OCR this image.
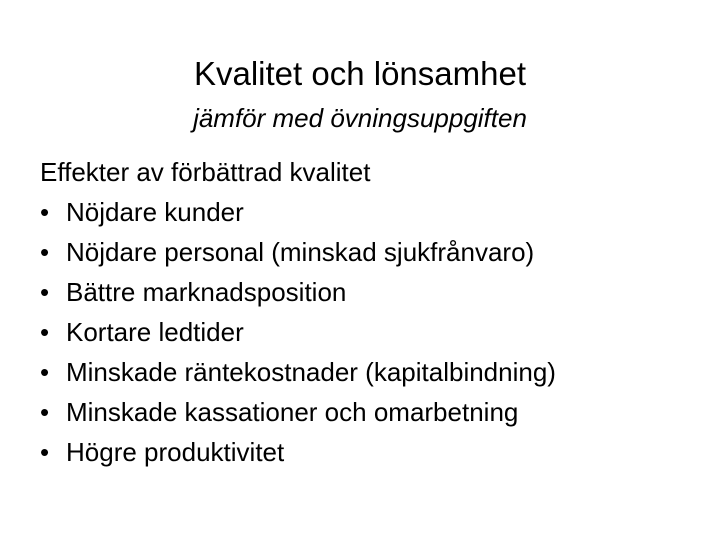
Kvalitet och lönsamhet

jämför med övningsuppgiften

Effekter av förbättrad kvalitet

• Nöjdare kunder
• Nöjdare personal (minskad sjukfrånvaro)
• Bättre marknadsposition
• Kortare ledtider
• Minskade räntekostnader (kapitalbindning)
• Minskade kassationer och omarbetning
• Högre produktivitet
